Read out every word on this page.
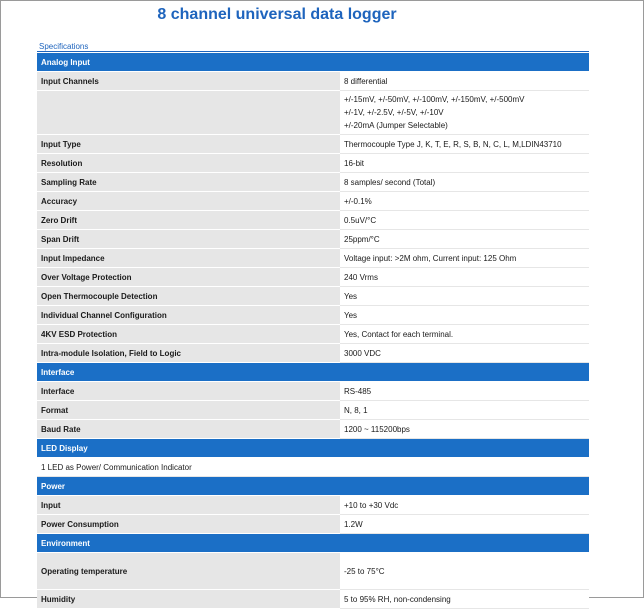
8 channel universal data logger
Specifications
Analog Input	
Input Channels	8 differential

	+/-15mV, +/-50mV, +/-100mV, +/-150mV, +/-500mV
+/-1V, +/-2.5V, +/-5V, +/-10V
+/-20mA (Jumper Selectable)

Input Type	Thermocouple Type J, K, T, E, R, S, B, N, C, L, M,LDIN43710
Resolution	16-bit
Sampling Rate	8 samples/ second (Total)
Accuracy	+/-0.1%
Zero Drift	0.5uV/°C
Span Drift	25ppm/°C
Input Impedance	Voltage input: >2M ohm, Current input: 125 Ohm
Over Voltage Protection	240 Vrms
Open Thermocouple Detection	Yes
Individual Channel Configuration	Yes
4KV ESD Protection	Yes, Contact for each terminal.
Intra-module Isolation, Field to Logic	3000 VDC
Interface	
Interface	RS-485
Format	N, 8, 1
Baud Rate	1200 ~ 115200bps
LED Display	
1 LED as Power/ Communication Indicator	
Power	
Input	+10 to +30 Vdc
Power Consumption	1.2W
Environment	
Operating temperature	-25 to 75°C
Humidity	5 to 95% RH, non-condensing
